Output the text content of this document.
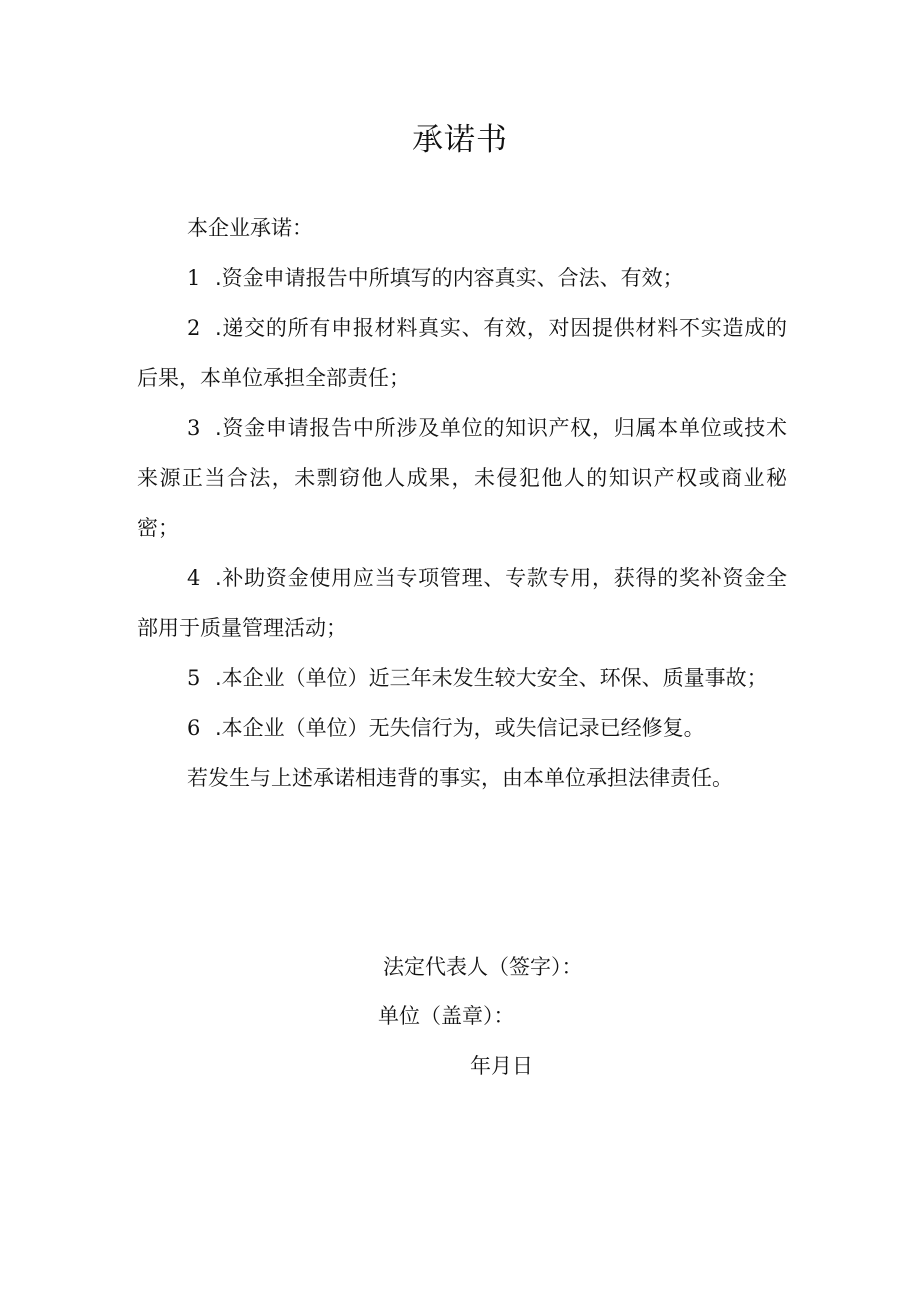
承诺书

本企业承诺：

1 .资金申请报告中所填写的内容真实、合法、有效；

2 .递交的所有申报材料真实、有效，对因提供材料不实造成的后果，本单位承担全部责任；

3 .资金申请报告中所涉及单位的知识产权，归属本单位或技术来源正当合法，未剽窃他人成果，未侵犯他人的知识产权或商业秘密；

4 .补助资金使用应当专项管理、专款专用，获得的奖补资金全部用于质量管理活动；

5 .本企业（单位）近三年未发生较大安全、环保、质量事故；

6 .本企业（单位）无失信行为，或失信记录已经修复。

若发生与上述承诺相违背的事实，由本单位承担法律责任。

法定代表人（签字）：
单位（盖章）：
年月日
